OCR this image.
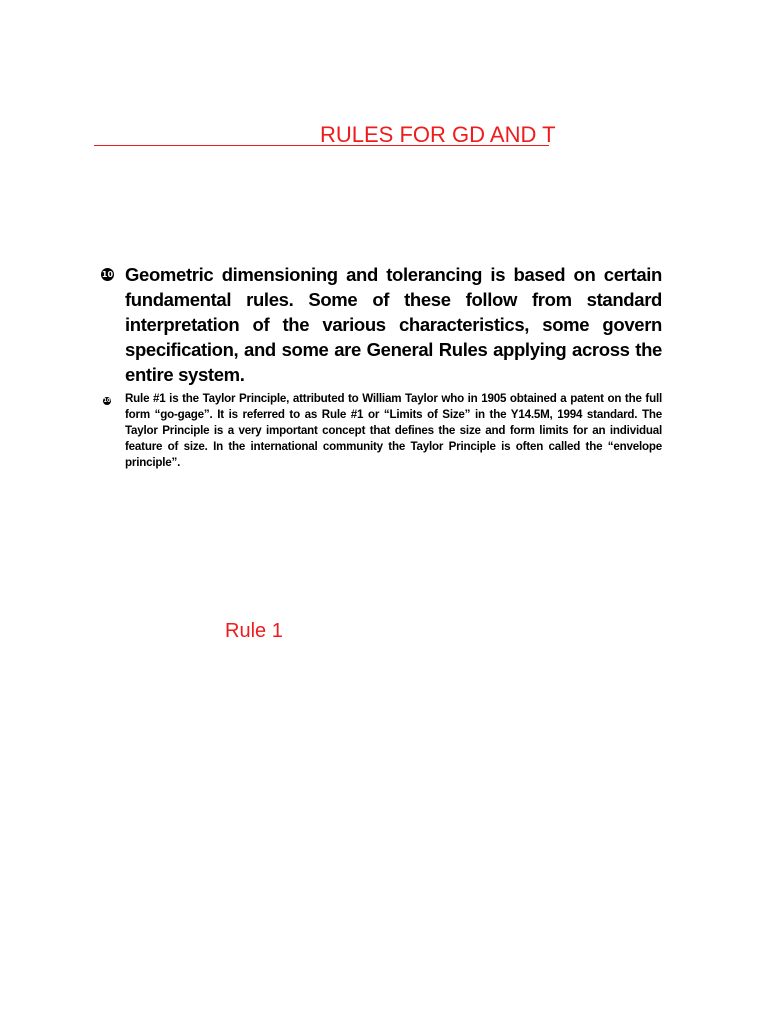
RULES FOR GD AND T
10 Geometric dimensioning and tolerancing is based on certain fundamental rules. Some of these follow from standard interpretation of the various characteristics, some govern specification, and some are General Rules applying across the entire system.

10 Rule #1 is the Taylor Principle, attributed to William Taylor who in 1905 obtained a patent on the full form “go-gage”. It is referred to as Rule #1 or “Limits of Size” in the Y14.5M, 1994 standard. The Taylor Principle is a very important concept that defines the size and form limits for an individual feature of size. In the international community the Taylor Principle is often called the “envelope principle”.

Rule 1
